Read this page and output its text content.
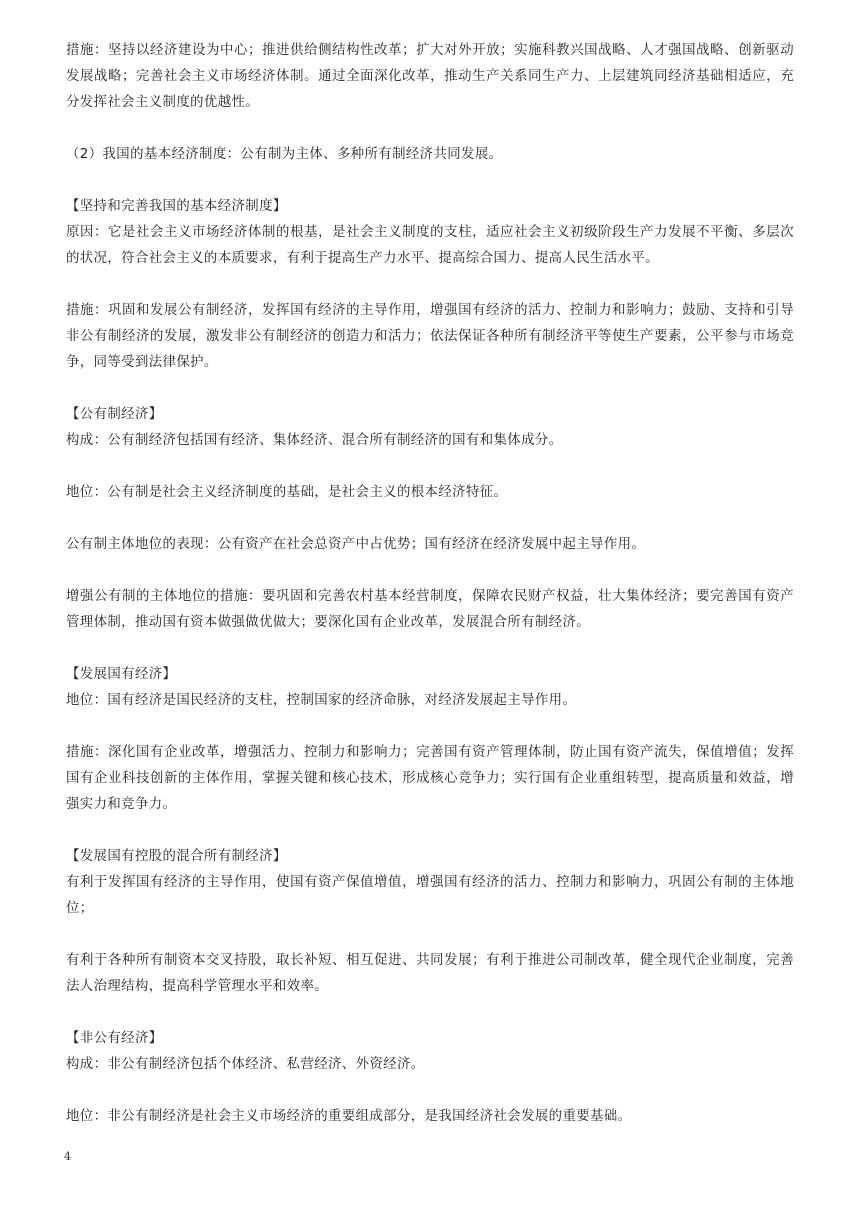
措施：坚持以经济建设为中心；推进供给侧结构性改革；扩大对外开放；实施科教兴国战略、人才强国战略、创新驱动发展战略；完善社会主义市场经济体制。通过全面深化改革，推动生产关系同生产力、上层建筑同经济基础相适应，充分发挥社会主义制度的优越性。

（2）我国的基本经济制度：公有制为主体、多种所有制经济共同发展。

【坚持和完善我国的基本经济制度】

原因：它是社会主义市场经济体制的根基，是社会主义制度的支柱，适应社会主义初级阶段生产力发展不平衡、多层次的状况，符合社会主义的本质要求，有利于提高生产力水平、提高综合国力、提高人民生活水平。

措施：巩固和发展公有制经济，发挥国有经济的主导作用，增强国有经济的活力、控制力和影响力；鼓励、支持和引导非公有制经济的发展，激发非公有制经济的创造力和活力；依法保证各种所有制经济平等使生产要素，公平参与市场竞争，同等受到法律保护。

【公有制经济】

构成：公有制经济包括国有经济、集体经济、混合所有制经济的国有和集体成分。

地位：公有制是社会主义经济制度的基础，是社会主义的根本经济特征。

公有制主体地位的表现：公有资产在社会总资产中占优势；国有经济在经济发展中起主导作用。

增强公有制的主体地位的措施：要巩固和完善农村基本经营制度，保障农民财产权益，壮大集体经济；要完善国有资产管理体制，推动国有资本做强做优做大；要深化国有企业改革，发展混合所有制经济。

【发展国有经济】

地位：国有经济是国民经济的支柱，控制国家的经济命脉，对经济发展起主导作用。

措施：深化国有企业改革，增强活力、控制力和影响力；完善国有资产管理体制，防止国有资产流失，保值增值；发挥国有企业科技创新的主体作用，掌握关键和核心技术，形成核心竞争力；实行国有企业重组转型，提高质量和效益，增强实力和竞争力。

【发展国有控股的混合所有制经济】

有利于发挥国有经济的主导作用，使国有资产保值增值，增强国有经济的活力、控制力和影响力，巩固公有制的主体地位；

有利于各种所有制资本交叉持股，取长补短、相互促进、共同发展；有利于推进公司制改革，健全现代企业制度，完善法人治理结构，提高科学管理水平和效率。

【非公有经济】

构成：非公有制经济包括个体经济、私营经济、外资经济。

地位：非公有制经济是社会主义市场经济的重要组成部分，是我国经济社会发展的重要基础。

4
